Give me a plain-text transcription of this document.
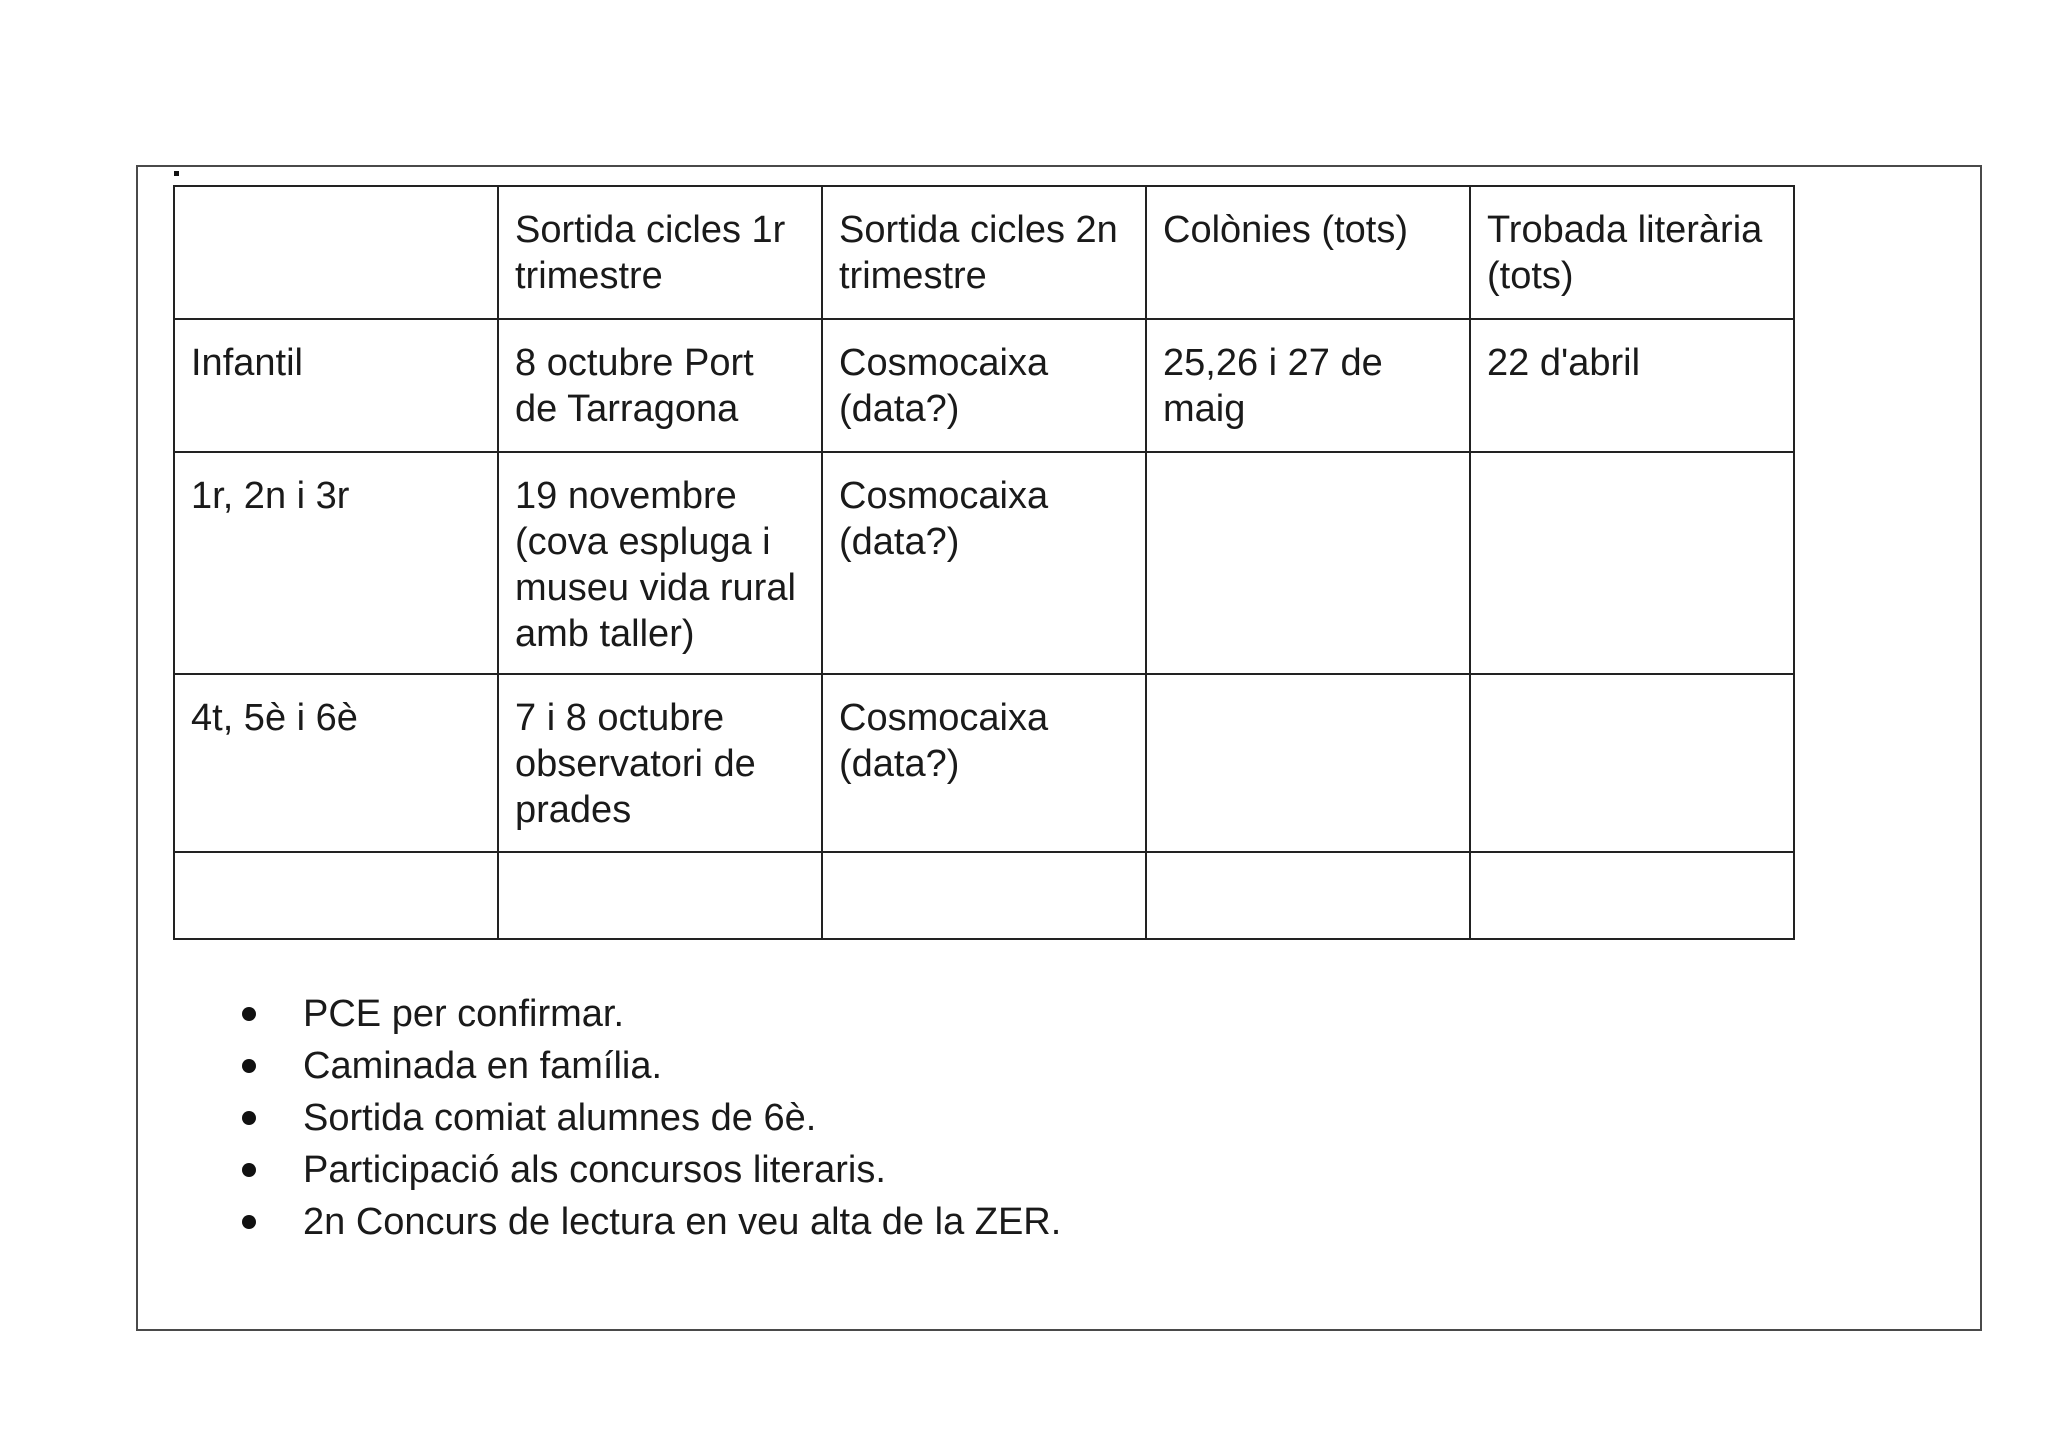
	Sortida cicles 1r trimestre	Sortida cicles 2n trimestre	Colònies (tots)	Trobada literària (tots)
Infantil	8 octubre Port de Tarragona	Cosmocaixa (data?)	25,26 i 27 de maig	22 d'abril
1r, 2n i 3r	19 novembre (cova espluga i museu vida rural amb taller)	Cosmocaixa (data?)		
4t, 5è i 6è	7 i 8 octubre observatori de prades	Cosmocaixa (data?)		

PCE per confirmar.
Caminada en família.
Sortida comiat alumnes de 6è.
Participació als concursos literaris.
2n Concurs de lectura en veu alta de la ZER.
